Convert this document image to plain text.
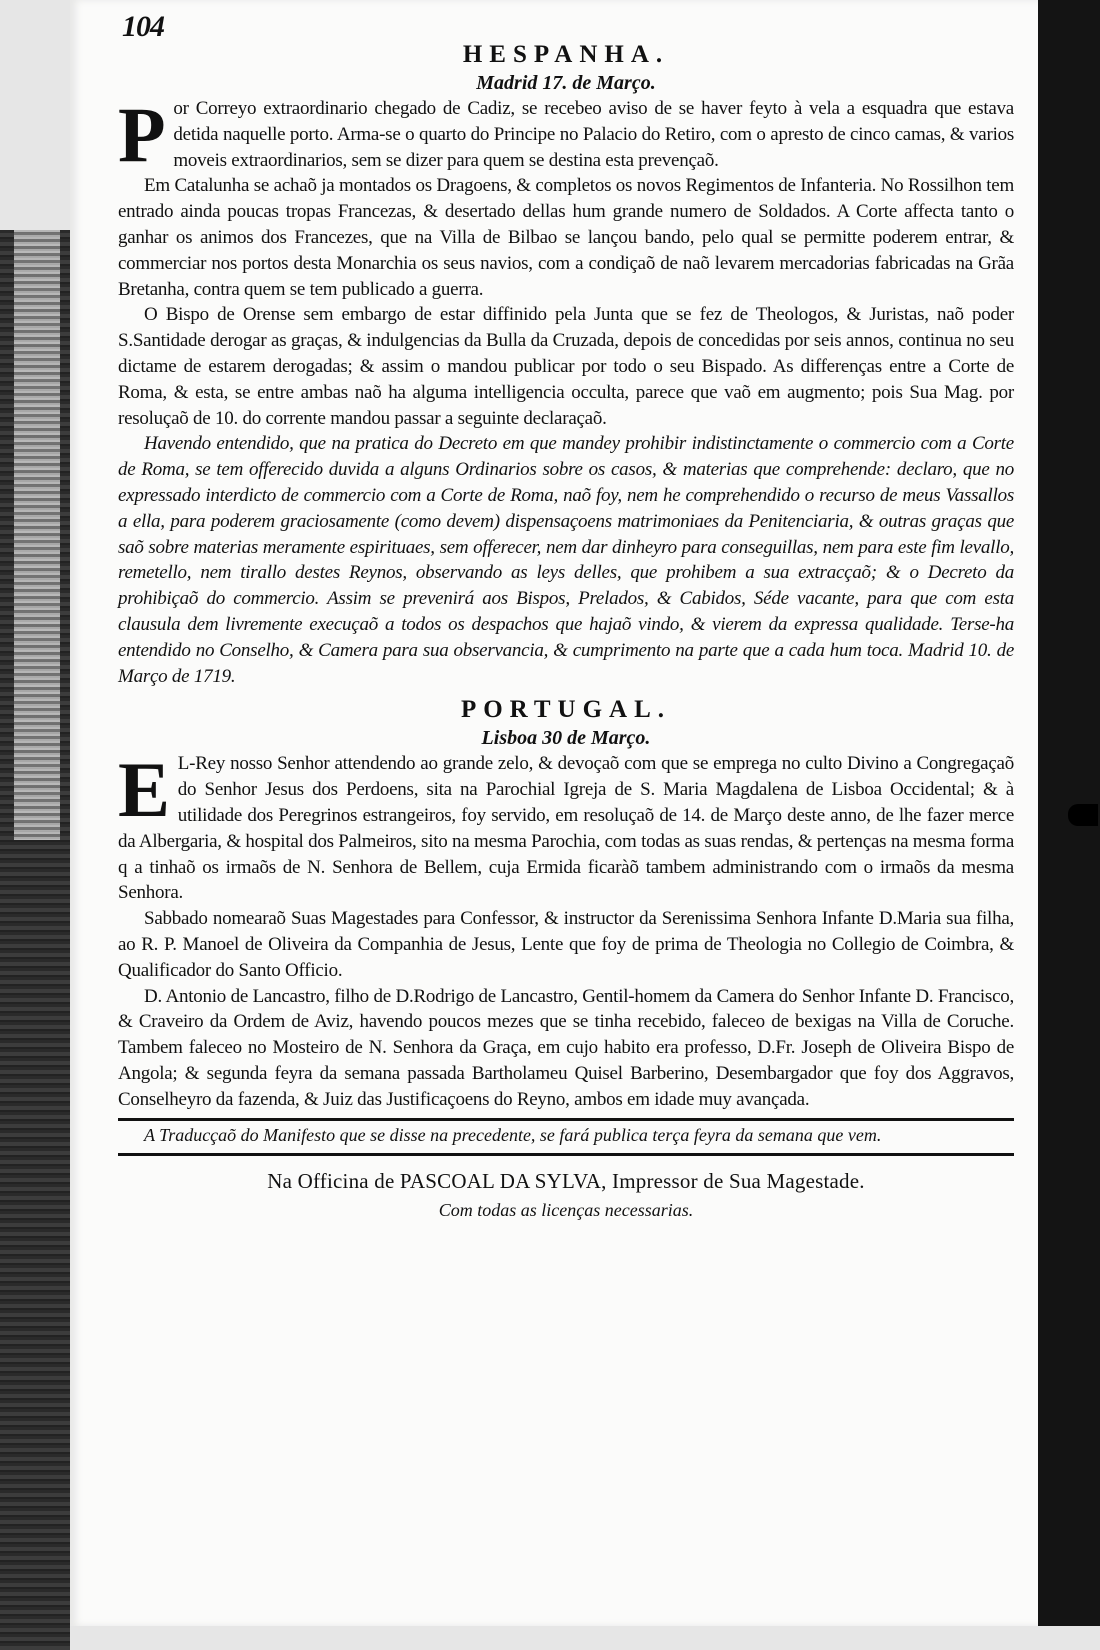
104
HESPANHA.
Madrid 17. de Março.

Por Correyo extraordinario chegado de Cadiz, se recebeo aviso de se haver feyto à vela a esquadra que estava detida naquelle porto. Arma-se o quarto do Principe no Palacio do Retiro, com o apresto de cinco camas, & varios moveis extraordinarios, sem se dizer para quem se destina esta prevençaõ.

Em Catalunha se achaõ ja montados os Dragoens, & completos os novos Regimentos de Infanteria. No Rossilhon tem entrado ainda poucas tropas Francezas, & desertado dellas hum grande numero de Soldados. A Corte affecta tanto o ganhar os animos dos Francezes, que na Villa de Bilbao se lançou bando, pelo qual se permitte poderem entrar, & commerciar nos portos desta Monarchia os seus navios, com a condiçaõ de naõ levarem mercadorias fabricadas na Grãa Bretanha, contra quem se tem publicado a guerra.

O Bispo de Orense sem embargo de estar diffinido pela Junta que se fez de Theologos, & Juristas, naõ poder S.Santidade derogar as graças, & indulgencias da Bulla da Cruzada, depois de concedidas por seis annos, continua no seu dictame de estarem derogadas; & assim o mandou publicar por todo o seu Bispado. As differenças entre a Corte de Roma, & esta, se entre ambas naõ ha alguma intelligencia occulta, parece que vaõ em augmento; pois Sua Mag. por resoluçaõ de 10. do corrente mandou passar a seguinte declaraçaõ.

Havendo entendido, que na pratica do Decreto em que mandey prohibir indistinctamente o commercio com a Corte de Roma, se tem offerecido duvida a alguns Ordinarios sobre os casos, & materias que comprehende: declaro, que no expressado interdicto de commercio com a Corte de Roma, naõ foy, nem he comprehendido o recurso de meus Vassallos a ella, para poderem graciosamente (como devem) dispensaçoens matrimoniaes da Penitenciaria, & outras graças que saõ sobre materias meramente espirituaes, sem offerecer, nem dar dinheyro para conseguillas, nem para este fim levallo, remetello, nem tirallo destes Reynos, observando as leys delles, que prohibem a sua extracçaõ; & o Decreto da prohibiçaõ do commercio. Assim se prevenirá aos Bispos, Prelados, & Cabidos, Séde vacante, para que com esta clausula dem livremente execuçaõ a todos os despachos que hajaõ vindo, & vierem da expressa qualidade. Terse-ha entendido no Conselho, & Camera para sua observancia, & cumprimento na parte que a cada hum toca. Madrid 10. de Março de 1719.

PORTUGAL.
Lisboa 30 de Março.

E L-Rey nosso Senhor attendendo ao grande zelo, & devoçaõ com que se emprega no culto Divino a Congregaçaõ do Senhor Jesus dos Perdoens, sita na Parochial Igreja de S. Maria Magdalena de Lisboa Occidental; & à utilidade dos Peregrinos estrangeiros, foy servido, em resoluçaõ de 14. de Março deste anno, de lhe fazer merce da Albergaria, & hospital dos Palmeiros, sito na mesma Parochia, com todas as suas rendas, & pertenças na mesma forma q a tinhaõ os irmaõs de N. Senhora de Bellem, cuja Ermida ficaràõ tambem administrando com o irmaõs da mesma Senhora.

Sabbado nomearaõ Suas Magestades para Confessor, & instructor da Serenissima Senhora Infante D.Maria sua filha, ao R. P. Manoel de Oliveira da Companhia de Jesus, Lente que foy de prima de Theologia no Collegio de Coimbra, & Qualificador do Santo Officio.

D. Antonio de Lancastro, filho de D.Rodrigo de Lancastro, Gentil-homem da Camera do Senhor Infante D. Francisco, & Craveiro da Ordem de Aviz, havendo poucos mezes que se tinha recebido, faleceo de bexigas na Villa de Coruche. Tambem faleceo no Mosteiro de N. Senhora da Graça, em cujo habito era professo, D.Fr. Joseph de Oliveira Bispo de Angola; & segunda feyra da semana passada Bartholameu Quisel Barberino, Desembargador que foy dos Aggravos, Conselheyro da fazenda, & Juiz das Justificaçoens do Reyno, ambos em idade muy avançada.

A Traducçaõ do Manifesto que se disse na precedente, se fará publica terça feyra da semana que vem.

Na Officina de PASCOAL DA SYLVA, Impressor de Sua Magestade.

Com todas as licenças necessarias.
